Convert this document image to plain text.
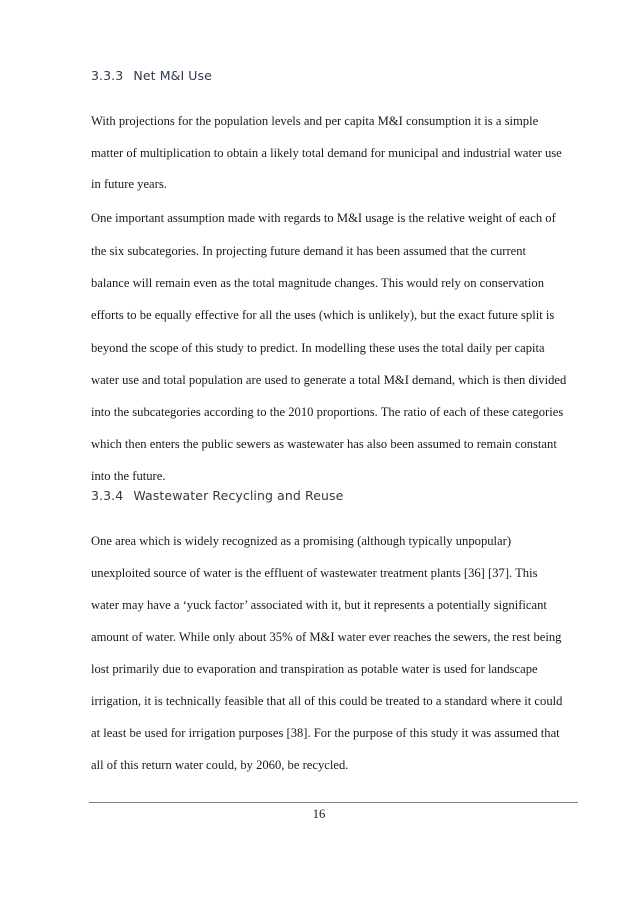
3.3.3 Net M&I Use

With projections for the population levels and per capita M&I consumption it is a simple

matter of multiplication to obtain a likely total demand for municipal and industrial water use

in future years.

One important assumption made with regards to M&I usage is the relative weight of each of

the six subcategories. In projecting future demand it has been assumed that the current

balance will remain even as the total magnitude changes. This would rely on conservation

efforts to be equally effective for all the uses (which is unlikely), but the exact future split is

beyond the scope of this study to predict. In modelling these uses the total daily per capita

water use and total population are used to generate a total M&I demand, which is then divided

into the subcategories according to the 2010 proportions. The ratio of each of these categories

which then enters the public sewers as wastewater has also been assumed to remain constant

into the future.

3.3.4 Wastewater Recycling and Reuse

One area which is widely recognized as a promising (although typically unpopular)

unexploited source of water is the effluent of wastewater treatment plants [36] [37]. This

water may have a ‘yuck factor’ associated with it, but it represents a potentially significant

amount of water. While only about 35% of M&I water ever reaches the sewers, the rest being

lost primarily due to evaporation and transpiration as potable water is used for landscape

irrigation, it is technically feasible that all of this could be treated to a standard where it could

at least be used for irrigation purposes [38]. For the purpose of this study it was assumed that

all of this return water could, by 2060, be recycled.

16
